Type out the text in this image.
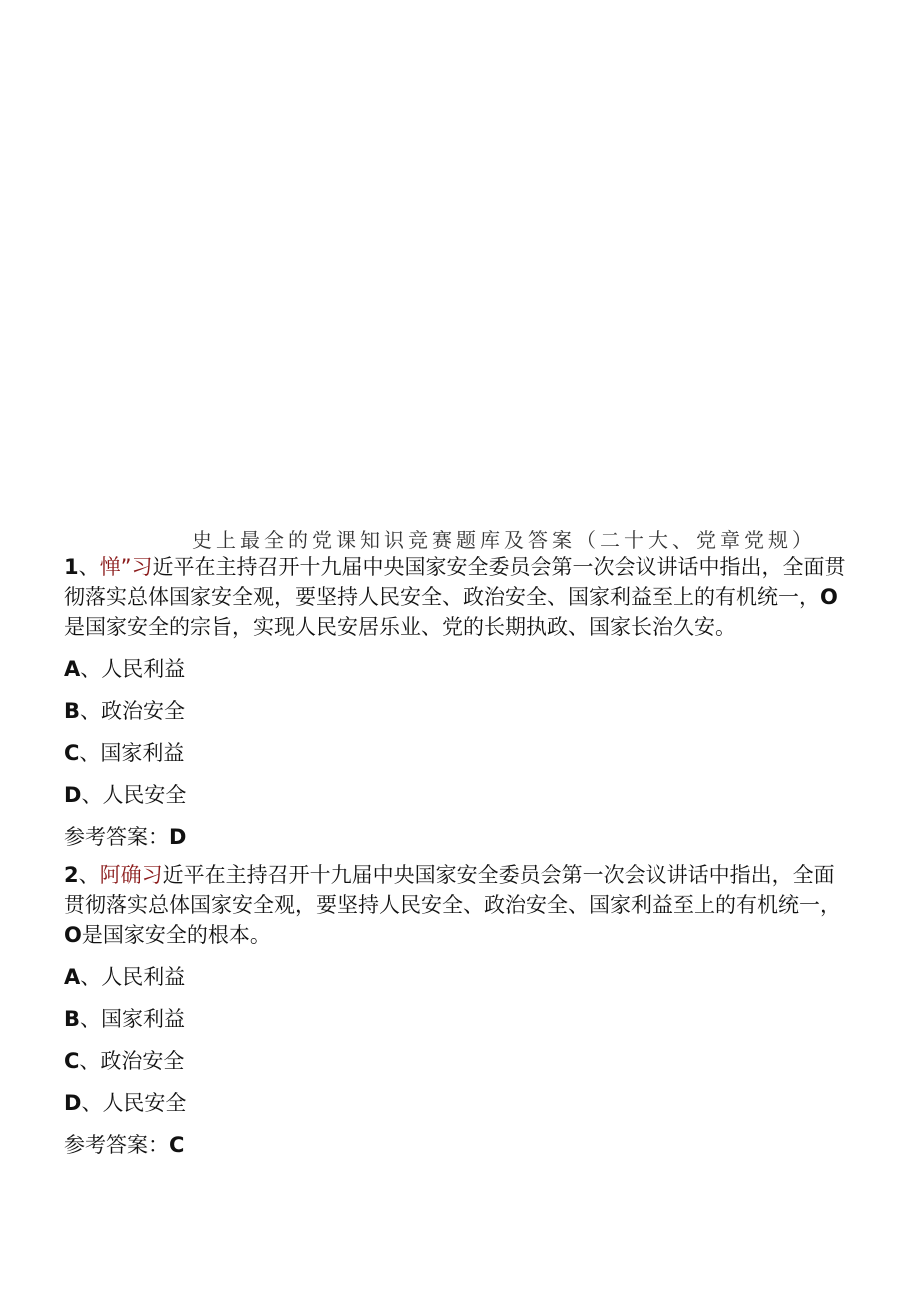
史上最全的党课知识竞赛题库及答案（二十大、党章党规）

1、惮”习近平在主持召开十九届中央国家安全委员会第一次会议讲话中指出，全面贯彻落实总体国家安全观，要坚持人民安全、政治安全、国家利益至上的有机统一，O是国家安全的宗旨，实现人民安居乐业、党的长期执政、国家长治久安。

A 、 人民利益
B 、 政治安全
C 、 国家利益
D 、 人民安全
参考答案： D

2、阿确习近平在主持召开十九届中央国家安全委员会第一次会议讲话中指出，全面贯彻落实总体国家安全观，要坚持人民安全、政治安全、国家利益至上的有机统一，O是国家安全的根本。

A 、 人民利益
B 、 国家利益
C 、 政治安全
D 、 人民安全
参考答案： C
